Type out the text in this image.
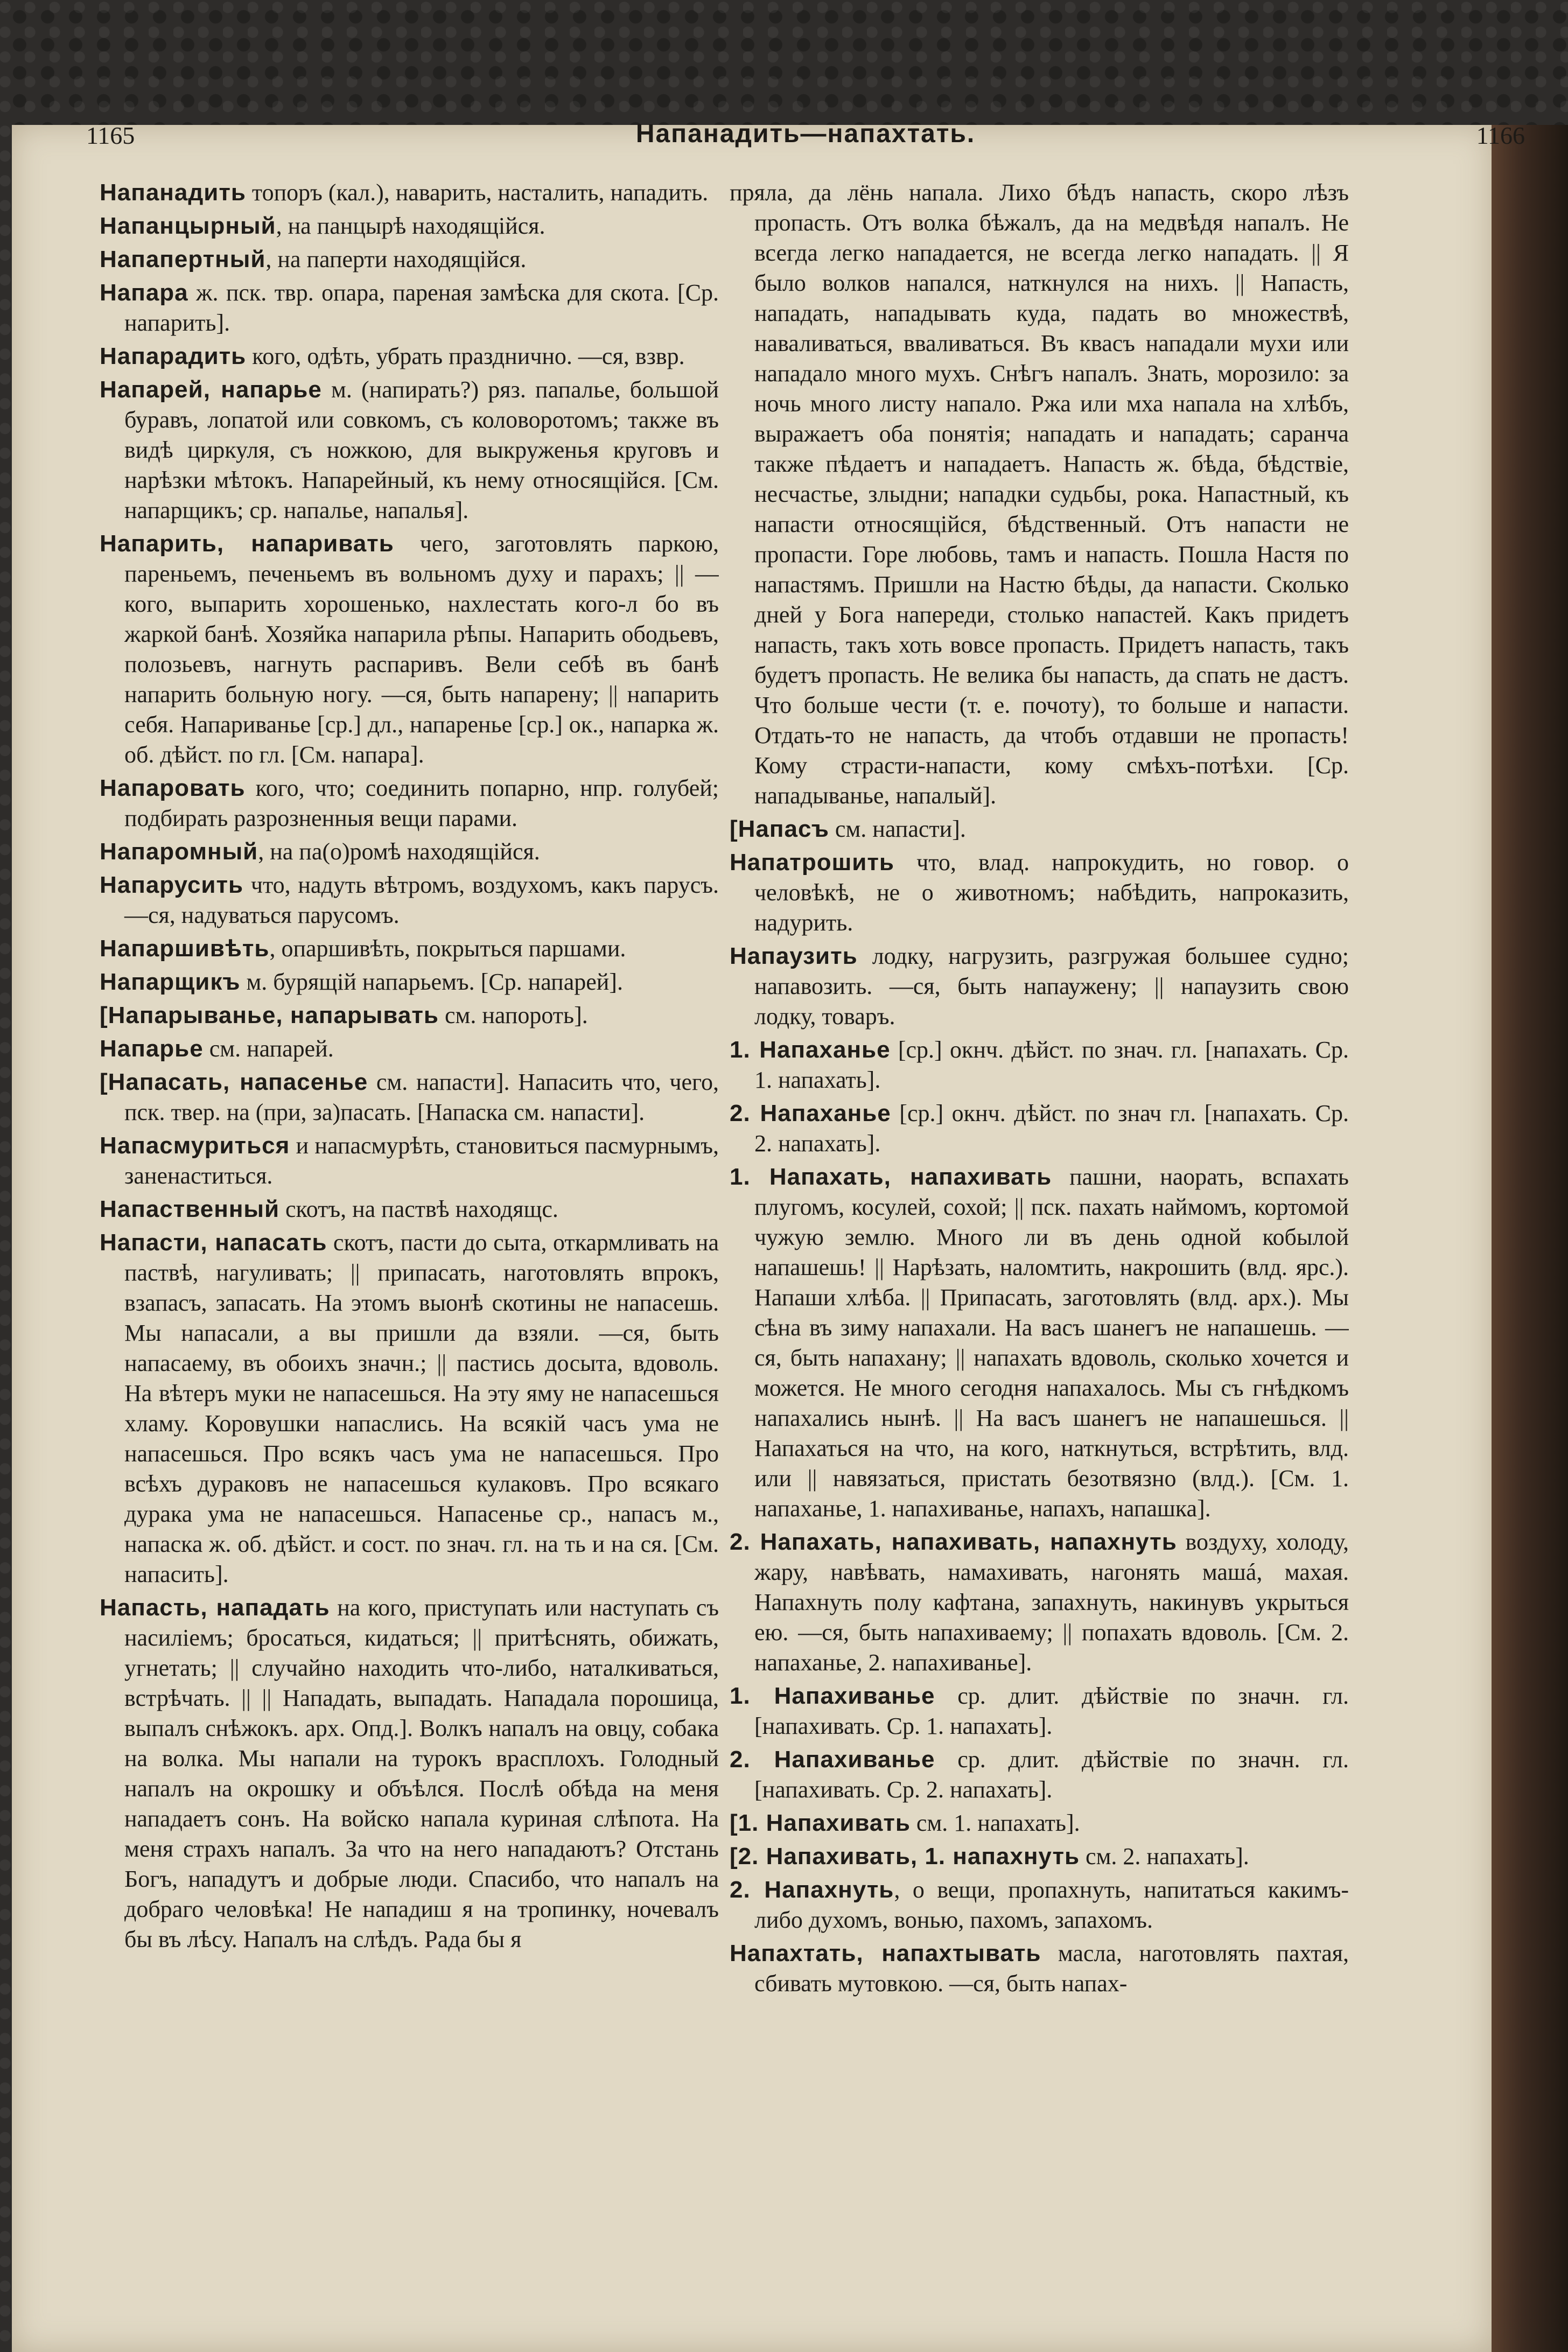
1165	Напанадить—напахтать.	1166

Напанадить топоръ (кал.), наварить, насталить, нападить.

Напанцырный, на панцырѣ находящійся.

Напапертный, на паперти находящійся.

Напара ж. пск. твр. опара, пареная замѣска для скота. [Ср. напарить].

Напарадить кого, одѣть, убрать празднично. —ся, взвр.

Напарей, напарье м. (напирать?) ряз. папалье, большой буравъ, лопатой или совкомъ, съ коловоротомъ; также въ видѣ циркуля, съ ножкою, для выкруженья круговъ и нарѣзки мѣтокъ. Напарейный, къ нему относящійся. [См. напарщикъ; ср. напалье, напалья].

Напарить, напаривать чего, заготовлять паркою, пареньемъ, печеньемъ въ вольномъ духу и парахъ; || —кого, выпарить хорошенько, нахлестать кого-л бо въ жаркой банѣ. Хозяйка напарила рѣпы. Напарить ободьевъ, полозьевъ, нагнуть распаривъ. Вели себѣ въ банѣ напарить больную ногу. —ся, быть напарену; || напарить себя. Напариванье [ср.] дл., напаренье [ср.] ок., напарка ж. об. дѣйст. по гл. [См. напара].

Напаровать кого, что; соединить попарно, нпр. голубей; подбирать разрозненныя вещи парами.

Напаромный, на па(о)ромѣ находящійся.

Напарусить что, надуть вѣтромъ, воздухомъ, какъ парусъ. —ся, надуваться парусомъ.

Напаршивѣть, опаршивѣть, покрыться паршами.

Напарщикъ м. бурящій напарьемъ. [Ср. напарей].

[Напарыванье, напарывать см. напороть].

Напарье см. напарей.

[Напасать, напасенье см. напасти]. Напасить что, чего, пск. твер. на (при, за)пасать. [Напаска см. напасти].

Напасмуриться и напасмурѣть, становиться пасмурнымъ, заненаститься.

Напаственный скотъ, на паствѣ находящс.

Напасти, напасать скотъ, пасти до сыта, откармливать на паствѣ, нагуливать; || припасать, наготовлять впрокъ, взапасъ, запасать. На этомъ выонѣ скотины не напасешь. Мы напасали, а вы пришли да взяли. —ся, быть напасаему, въ обоихъ значн.; || пастись досыта, вдоволь. На вѣтеръ муки не напасешься. На эту яму не напасешься хламу. Коровушки напаслись. На всякій часъ ума не напасешься. Про всякъ часъ ума не напасешься. Про всѣхъ дураковъ не напасешься кулаковъ. Про всякаго дурака ума не напасешься. Напасенье ср., напасъ м., напаска ж. об. дѣйст. и сост. по знач. гл. на ть и на ся. [См. напасить].

Напасть, нападать на кого, приступать или наступать съ насиліемъ; бросаться, кидаться; || притѣснять, обижать, угнетать; || случайно находить что-либо, наталкиваться, встрѣчать. || || Нападать, выпадать. Нападала порошица, выпалъ снѣжокъ. арх. Опд.]. Волкъ напалъ на овцу, собака на волка. Мы напали на турокъ врасплохъ. Голодный напалъ на окрошку и объѣлся. Послѣ обѣда на меня нападаетъ сонъ. На войско напала куриная слѣпота. На меня страхъ напалъ. За что на него нападаютъ? Отстань Богъ, нападутъ и добрые люди. Спасибо, что напалъ на добраго человѣка! Не нападиш я на тропинку, ночевалъ бы въ лѣсу. Напалъ на слѣдъ. Рада бы я

пряла, да лёнь напала. Лихо бѣдъ напасть, скоро лѣзъ пропасть. Отъ волка бѣжалъ, да на медвѣдя напалъ. Не всегда легко нападается, не всегда легко нападать. || Я было волков напался, наткнулся на нихъ. || Напасть, нападать, нападывать куда, падать во множествѣ, наваливаться, вваливаться. Въ квасъ нападали мухи или нападало много мухъ. Снѣгъ напалъ. Знать, морозило: за ночь много листу напало. Ржа или мха напала на хлѣбъ, выражаетъ оба понятія; нападать и нападать; саранча также пѣдаетъ и нападаетъ. Напасть ж. бѣда, бѣдствіе, несчастье, злыдни; нападки судьбы, рока. Напастный, къ напасти относящійся, бѣдственный. Отъ напасти не пропасти. Горе любовь, тамъ и напасть. Пошла Настя по напастямъ. Пришли на Настю бѣды, да напасти. Сколько дней у Бога напереди, столько напастей. Какъ придетъ напасть, такъ хоть вовсе пропасть. Придетъ напасть, такъ будетъ пропасть. Не велика бы напасть, да спать не дастъ. Что больше чести (т. е. почоту), то больше и напасти. Отдать-то не напасть, да чтобъ отдавши не пропасть! Кому страсти-напасти, кому смѣхъ-потѣхи. [Ср. нападыванье, напалый].

[Напасъ см. напасти].

Напатрошить что, влад. напрокудить, но говор. о человѣкѣ, не о животномъ; набѣдить, напроказить, надурить.

Напаузить лодку, нагрузить, разгружая большее судно; напавозить. —ся, быть напаужену; || напаузить свою лодку, товаръ.

1. Напаханье [ср.] окнч. дѣйст. по знач. гл. [напахать. Ср. 1. напахать].

2. Напаханье [ср.] окнч. дѣйст. по знач гл. [напахать. Ср. 2. напахать].

1. Напахать, напахивать пашни, наорать, вспахать плугомъ, косулей, сохой; || пск. пахать наймомъ, кортомой чужую землю. Много ли въ день одной кобылой напашешь! || Нарѣзать, наломтить, накрошить (влд. ярс.). Напаши хлѣба. || Припасать, заготовлять (влд. арх.). Мы сѣна въ зиму напахали. На васъ шанегъ не напашешь. —ся, быть напахану; || напахать вдоволь, сколько хочется и можется. Не много сегодня напахалось. Мы съ гнѣдкомъ напахались нынѣ. || На васъ шанегъ не напашешься. || Напахаться на что, на кого, наткнуться, встрѣтить, влд. или || навязаться, пристать безотвязно (влд.). [См. 1. напаханье, 1. напахиванье, напахъ, напашка].

2. Напахать, напахивать, напахнуть воздуху, холоду, жару, навѣвать, намахивать, нагонять машá, махая. Напахнуть полу кафтана, запахнуть, накинувъ укрыться ею. —ся, быть напахиваему; || попахать вдоволь. [См. 2. напаханье, 2. напахиванье].

1. Напахиванье ср. длит. дѣйствіе по значн. гл. [напахивать. Ср. 1. напахать].

2. Напахиванье ср. длит. дѣйствіе по значн. гл. [напахивать. Ср. 2. напахать].

[1. Напахивать см. 1. напахать].

[2. Напахивать, 1. напахнуть см. 2. напахать].

2. Напахнуть, о вещи, пропахнуть, напитаться какимъ-либо духомъ, вонью, пахомъ, запахомъ.

Напахтать, напахтывать масла, наготовлять пахтая, сбивать мутовкою. —ся, быть напах-
